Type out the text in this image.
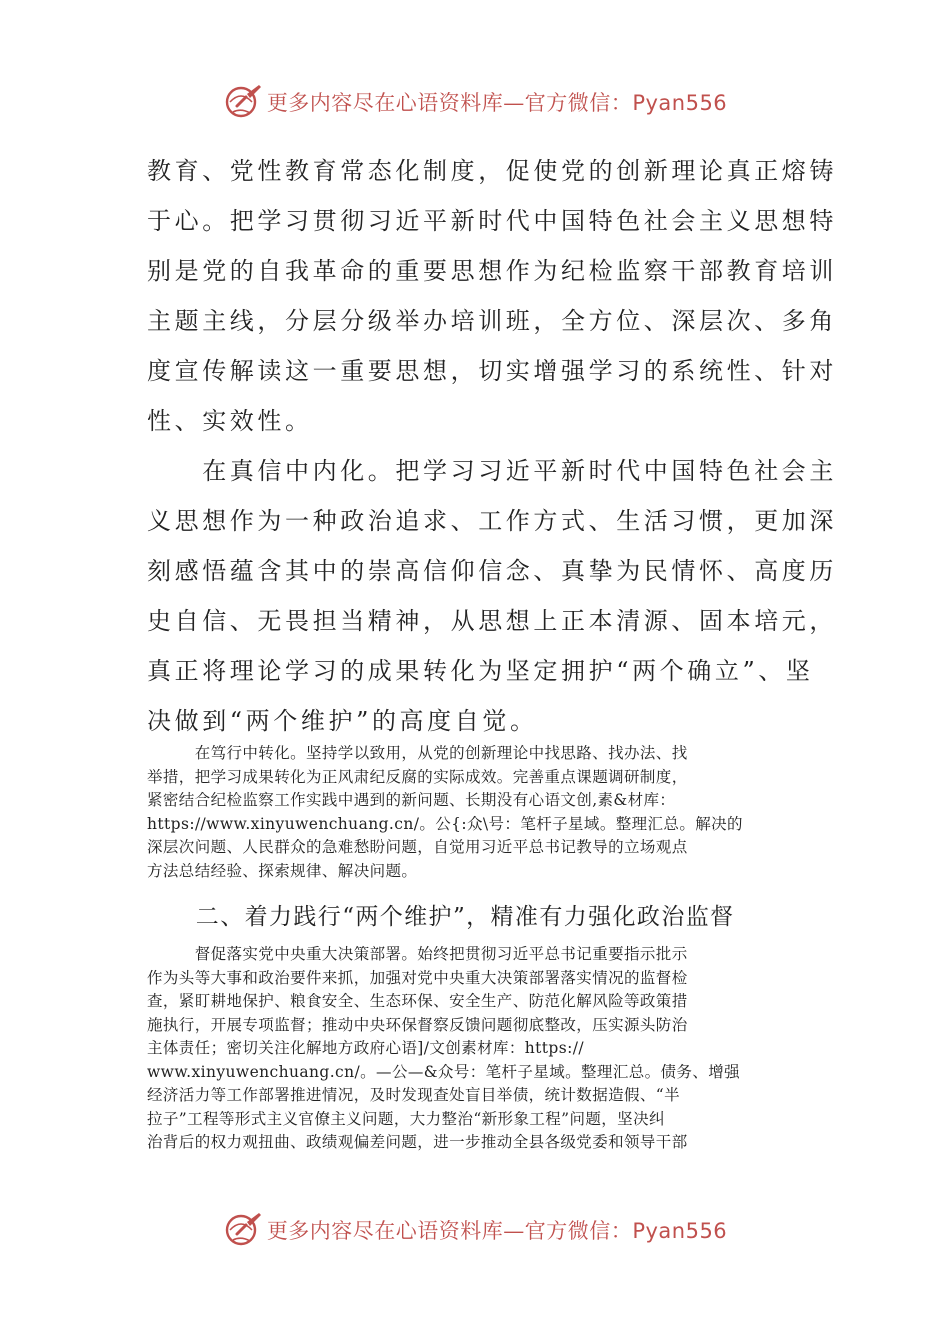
更多内容尽在心语资料库—官方微信：Pyan556

教育、党性教育常态化制度，促使党的创新理论真正熔铸

于心。把学习贯彻习近平新时代中国特色社会主义思想特

别是党的自我革命的重要思想作为纪检监察干部教育培训

主题主线，分层分级举办培训班，全方位、深层次、多角

度宣传解读这一重要思想，切实增强学习的系统性、针对

性、实效性。

　　在真信中内化。把学习习近平新时代中国特色社会主

义思想作为一种政治追求、工作方式、生活习惯，更加深

刻感悟蕴含其中的崇高信仰信念、真挚为民情怀、高度历

史自信、无畏担当精神，从思想上正本清源、固本培元，

真正将理论学习的成果转化为坚定拥护“两个确立”、坚

决做到“两个维护”的高度自觉。

　　　在笃行中转化。坚持学以致用，从党的创新理论中找思路、找办法、找

举措，把学习成果转化为正风肃纪反腐的实际成效。完善重点课题调研制度，

紧密结合纪检监察工作实践中遇到的新问题、长期没有心语文创,素&材库：

https://www.xinyuwenchuang.cn/。公{:众\号：笔杆子星域。整理汇总。解决的

深层次问题、人民群众的急难愁盼问题，自觉用习近平总书记教导的立场观点

方法总结经验、探索规律、解决问题。

　　二、着力践行“两个维护”，精准有力强化政治监督

　　　督促落实党中央重大决策部署。始终把贯彻习近平总书记重要指示批示

作为头等大事和政治要件来抓，加强对党中央重大决策部署落实情况的监督检

查，紧盯耕地保护、粮食安全、生态环保、安全生产、防范化解风险等政策措

施执行，开展专项监督；推动中央环保督察反馈问题彻底整改，压实源头防治

主体责任；密切关注化解地方政府心语]/文创素材库：https://

www.xinyuwenchuang.cn/。—公—&众号：笔杆子星域。整理汇总。债务、增强

经济活力等工作部署推进情况，及时发现查处盲目举债，统计数据造假、“半

拉子”工程等形式主义官僚主义问题，大力整治“新形象工程”问题，坚决纠

治背后的权力观扭曲、政绩观偏差问题，进一步推动全县各级党委和领导干部

更多内容尽在心语资料库—官方微信：Pyan556
